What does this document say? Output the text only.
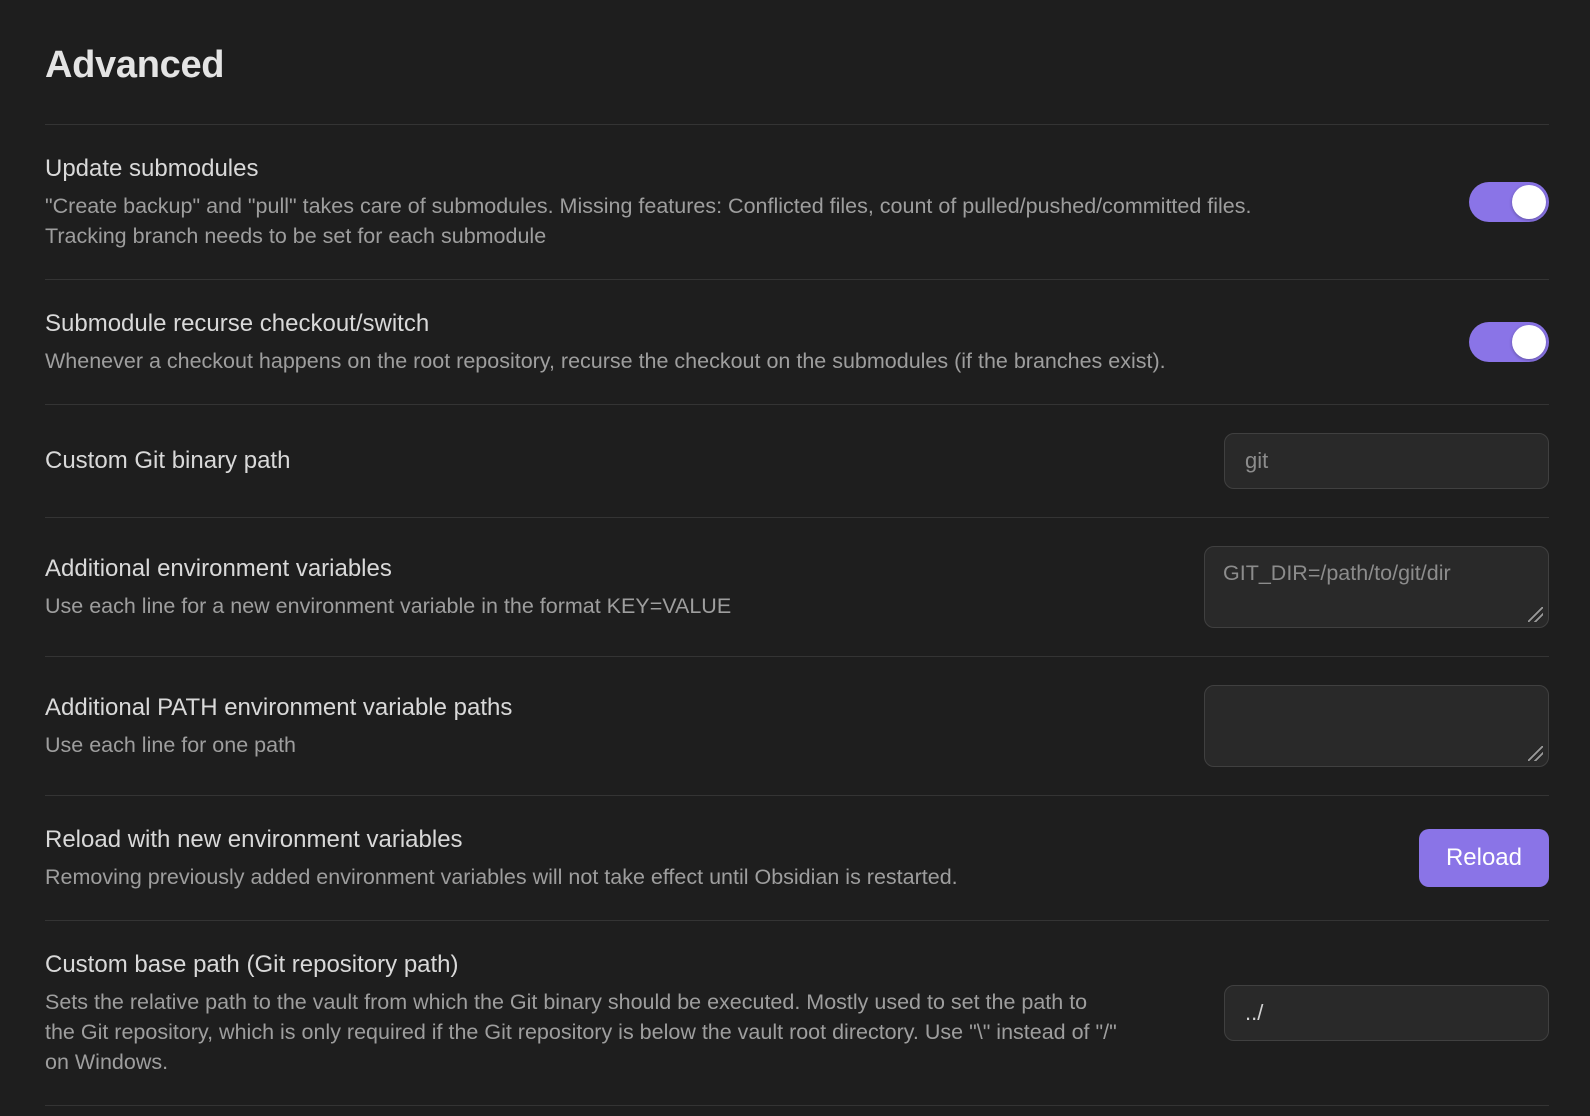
Advanced
Update submodules
"Create backup" and "pull" takes care of submodules. Missing features: Conflicted files, count of pulled/pushed/committed files. Tracking branch needs to be set for each submodule
Submodule recurse checkout/switch
Whenever a checkout happens on the root repository, recurse the checkout on the submodules (if the branches exist).
Custom Git binary path
git
Additional environment variables
Use each line for a new environment variable in the format KEY=VALUE
GIT_DIR=/path/to/git/dir
Additional PATH environment variable paths
Use each line for one path
Reload with new environment variables
Removing previously added environment variables will not take effect until Obsidian is restarted.
Reload
Custom base path (Git repository path)
Sets the relative path to the vault from which the Git binary should be executed. Mostly used to set the path to the Git repository, which is only required if the Git repository is below the vault root directory. Use "\" instead of "/" on Windows.
../
